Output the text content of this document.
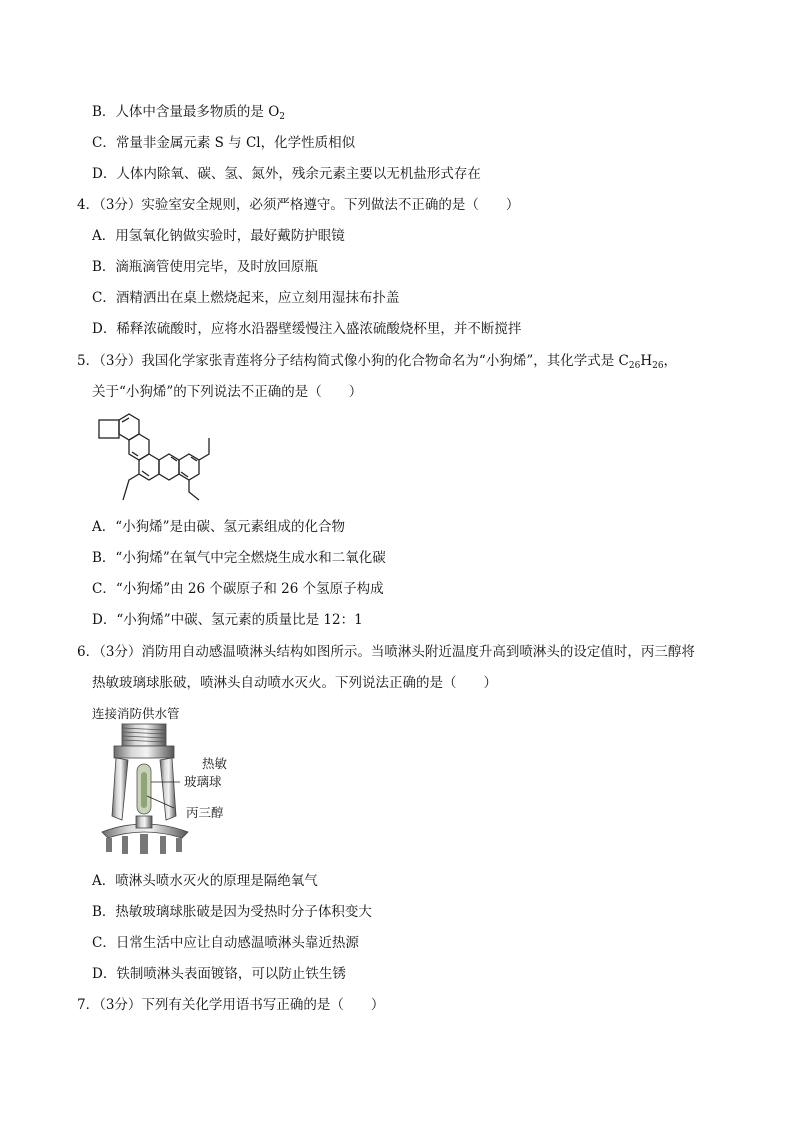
B．人体中含量最多物质的是 $O_2$
C．常量非金属元素 S 与 Cl，化学性质相似
D．人体内除氧、碳、氢、氮外，残余元素主要以无机盐形式存在
4．（3分）实验室安全规则，必须严格遵守。下列做法不正确的是（　　）
A．用氢氧化钠做实验时，最好戴防护眼镜
B．滴瓶滴管使用完毕，及时放回原瓶
C．酒精洒出在桌上燃烧起来，应立刻用湿抹布扑盖
D．稀释浓硫酸时，应将水沿器壁缓慢注入盛浓硫酸烧杯里，并不断搅拌
5．（3分）我国化学家张青莲将分子结构简式像小狗的化合物命名为“小狗烯”，其化学式是 $C_{26}H_{26}$，
关于“小狗烯”的下列说法不正确的是（　　）
A．“小狗烯”是由碳、氢元素组成的化合物
B．“小狗烯”在氧气中完全燃烧生成水和二氧化碳
C．“小狗烯”由 26 个碳原子和 26 个氢原子构成
D．“小狗烯”中碳、氢元素的质量比是 12：1
6．（3分）消防用自动感温喷淋头结构如图所示。当喷淋头附近温度升高到喷淋头的设定值时，丙三醇将
热敏玻璃球胀破，喷淋头自动喷水灭火。下列说法正确的是（　　）
连接消防供水管
热敏
玻璃球
丙三醇
A．喷淋头喷水灭火的原理是隔绝氧气
B．热敏玻璃球胀破是因为受热时分子体积变大
C．日常生活中应让自动感温喷淋头靠近热源
D．铁制喷淋头表面镀铬，可以防止铁生锈
7．（3分）下列有关化学用语书写正确的是（　　）
